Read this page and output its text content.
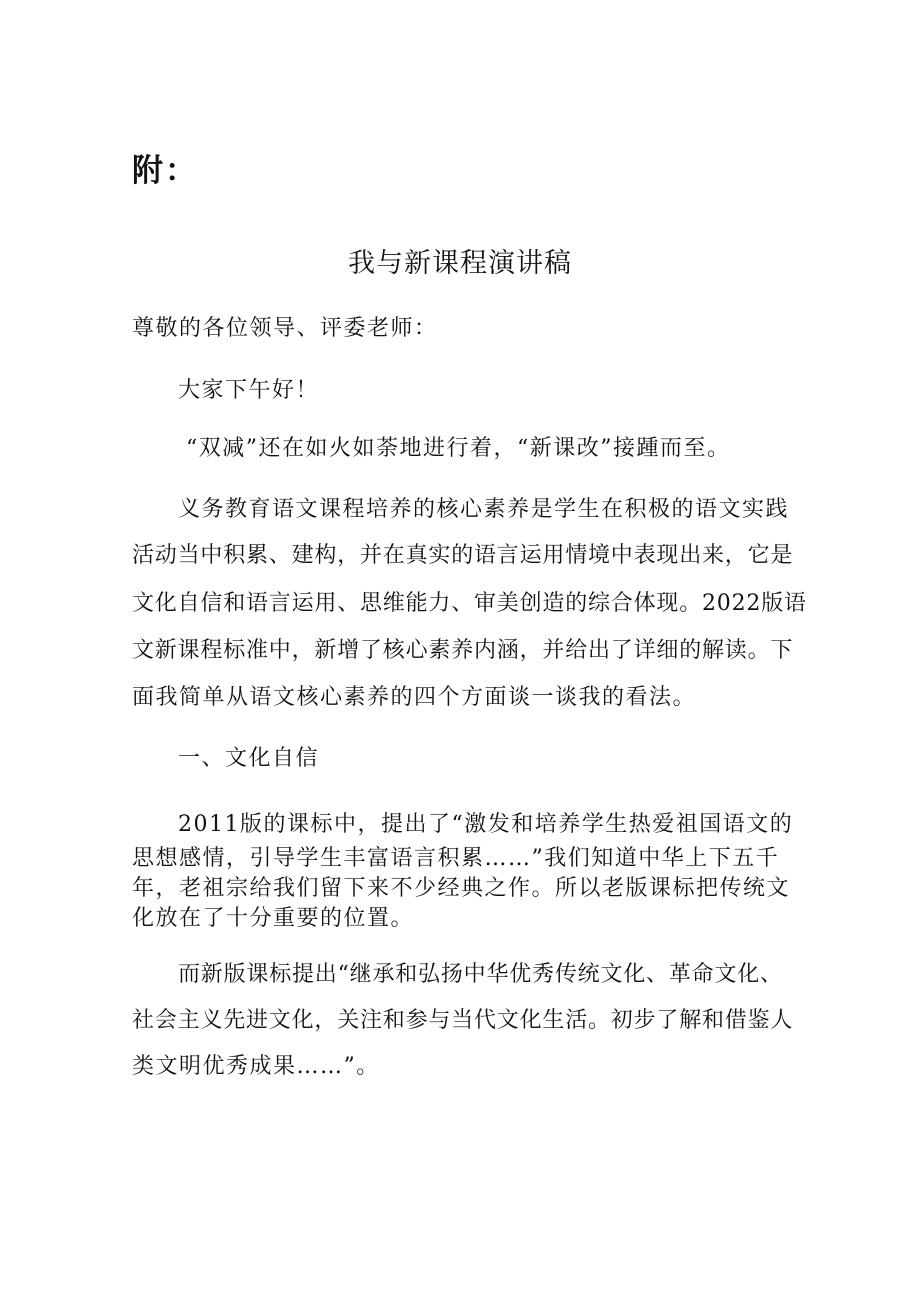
附：
我与新课程演讲稿
尊敬的各位领导、评委老师：
大家下午好！
“双减”还在如火如荼地进行着，“新课改”接踵而至。
义务教育语文课程培养的核心素养是学生在积极的语文实践
活动当中积累、建构，并在真实的语言运用情境中表现出来，它是
文化自信和语言运用、思维能力、审美创造的综合体现。2022版语
文新课程标准中，新增了核心素养内涵，并给出了详细的解读。下
面我简单从语文核心素养的四个方面谈一谈我的看法。
一、文化自信
2011版的课标中，提出了“激发和培养学生热爱祖国语文的
思想感情，引导学生丰富语言积累……”我们知道中华上下五千
年，老祖宗给我们留下来不少经典之作。所以老版课标把传统文
化放在了十分重要的位置。
而新版课标提出“继承和弘扬中华优秀传统文化、革命文化、
社会主义先进文化，关注和参与当代文化生活。初步了解和借鉴人
类文明优秀成果……”。
